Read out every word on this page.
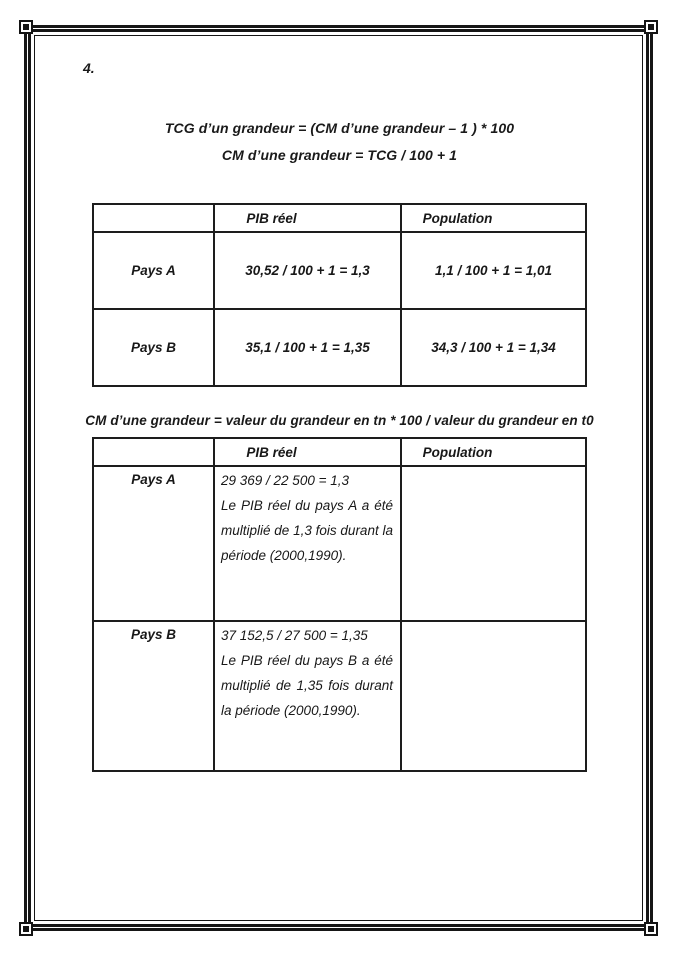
4.
TCG d’un grandeur = (CM d’une grandeur – 1 ) * 100
CM d’une grandeur = TCG / 100 + 1
	PIB réel	Population
Pays A	30,52 / 100 + 1 = 1,3	1,1 / 100 + 1 = 1,01
Pays B	35,1 / 100 + 1 = 1,35	34,3 / 100 + 1 = 1,34
CM d’une grandeur = valeur du grandeur en tn * 100 / valeur du grandeur en t0
	PIB réel	Population
Pays A	29 369 / 22 500 = 1,3
Le PIB réel du pays A a été multiplié de 1,3 fois durant la période (2000,1990).	

Pays B	37 152,5 / 27 500 = 1,35
Le PIB réel du pays B a été multiplié de 1,35 fois durant la période (2000,1990).	
